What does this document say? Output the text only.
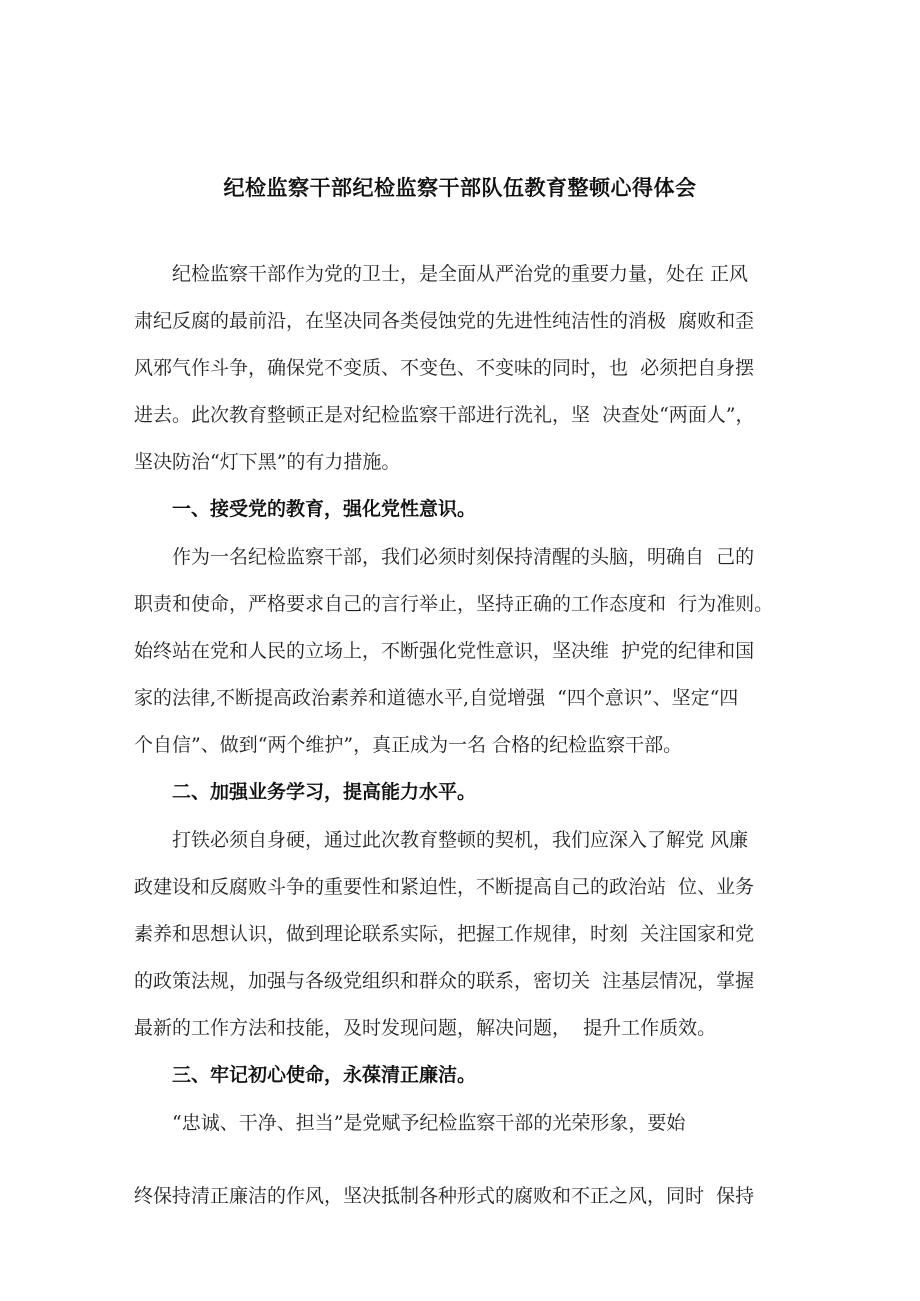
纪检监察干部纪检监察干部队伍教育整顿心得体会
纪检监察干部作为党的卫士，是全面从严治党的重要力量，处在 正风
肃纪反腐的最前沿，在坚决同各类侵蚀党的先进性纯洁性的消极  腐败和歪
风邪气作斗争，确保党不变质、不变色、不变味的同时，也  必须把自身摆
进去。此次教育整顿正是对纪检监察干部进行洗礼，坚  决查处“两面人”，
坚决防治“灯下黑”的有力措施。
一、接受党的教育，强化党性意识。
作为一名纪检监察干部，我们必须时刻保持清醒的头脑，明确自  己的
职责和使命，严格要求自己的言行举止，坚持正确的工作态度和  行为准则。
始终站在党和人民的立场上，不断强化党性意识，坚决维  护党的纪律和国
家的法律,不断提高政治素养和道德水平,自觉增强  “四个意识”、坚定“四
个自信”、做到“两个维护”，真正成为一名 合格的纪检监察干部。
二、加强业务学习，提高能力水平。
打铁必须自身硬，通过此次教育整顿的契机，我们应深入了解党 风廉
政建设和反腐败斗争的重要性和紧迫性，不断提高自己的政治站  位、业务
素养和思想认识，做到理论联系实际，把握工作规律，时刻  关注国家和党
的政策法规，加强与各级党组织和群众的联系，密切关  注基层情况，掌握
最新的工作方法和技能，及时发现问题，解决问题，  提升工作质效。
三、牢记初心使命，永葆清正廉洁。
“忠诚、干净、担当”是党赋予纪检监察干部的光荣形象，要始
终保持清正廉洁的作风，坚决抵制各种形式的腐败和不正之风，同时  保持
